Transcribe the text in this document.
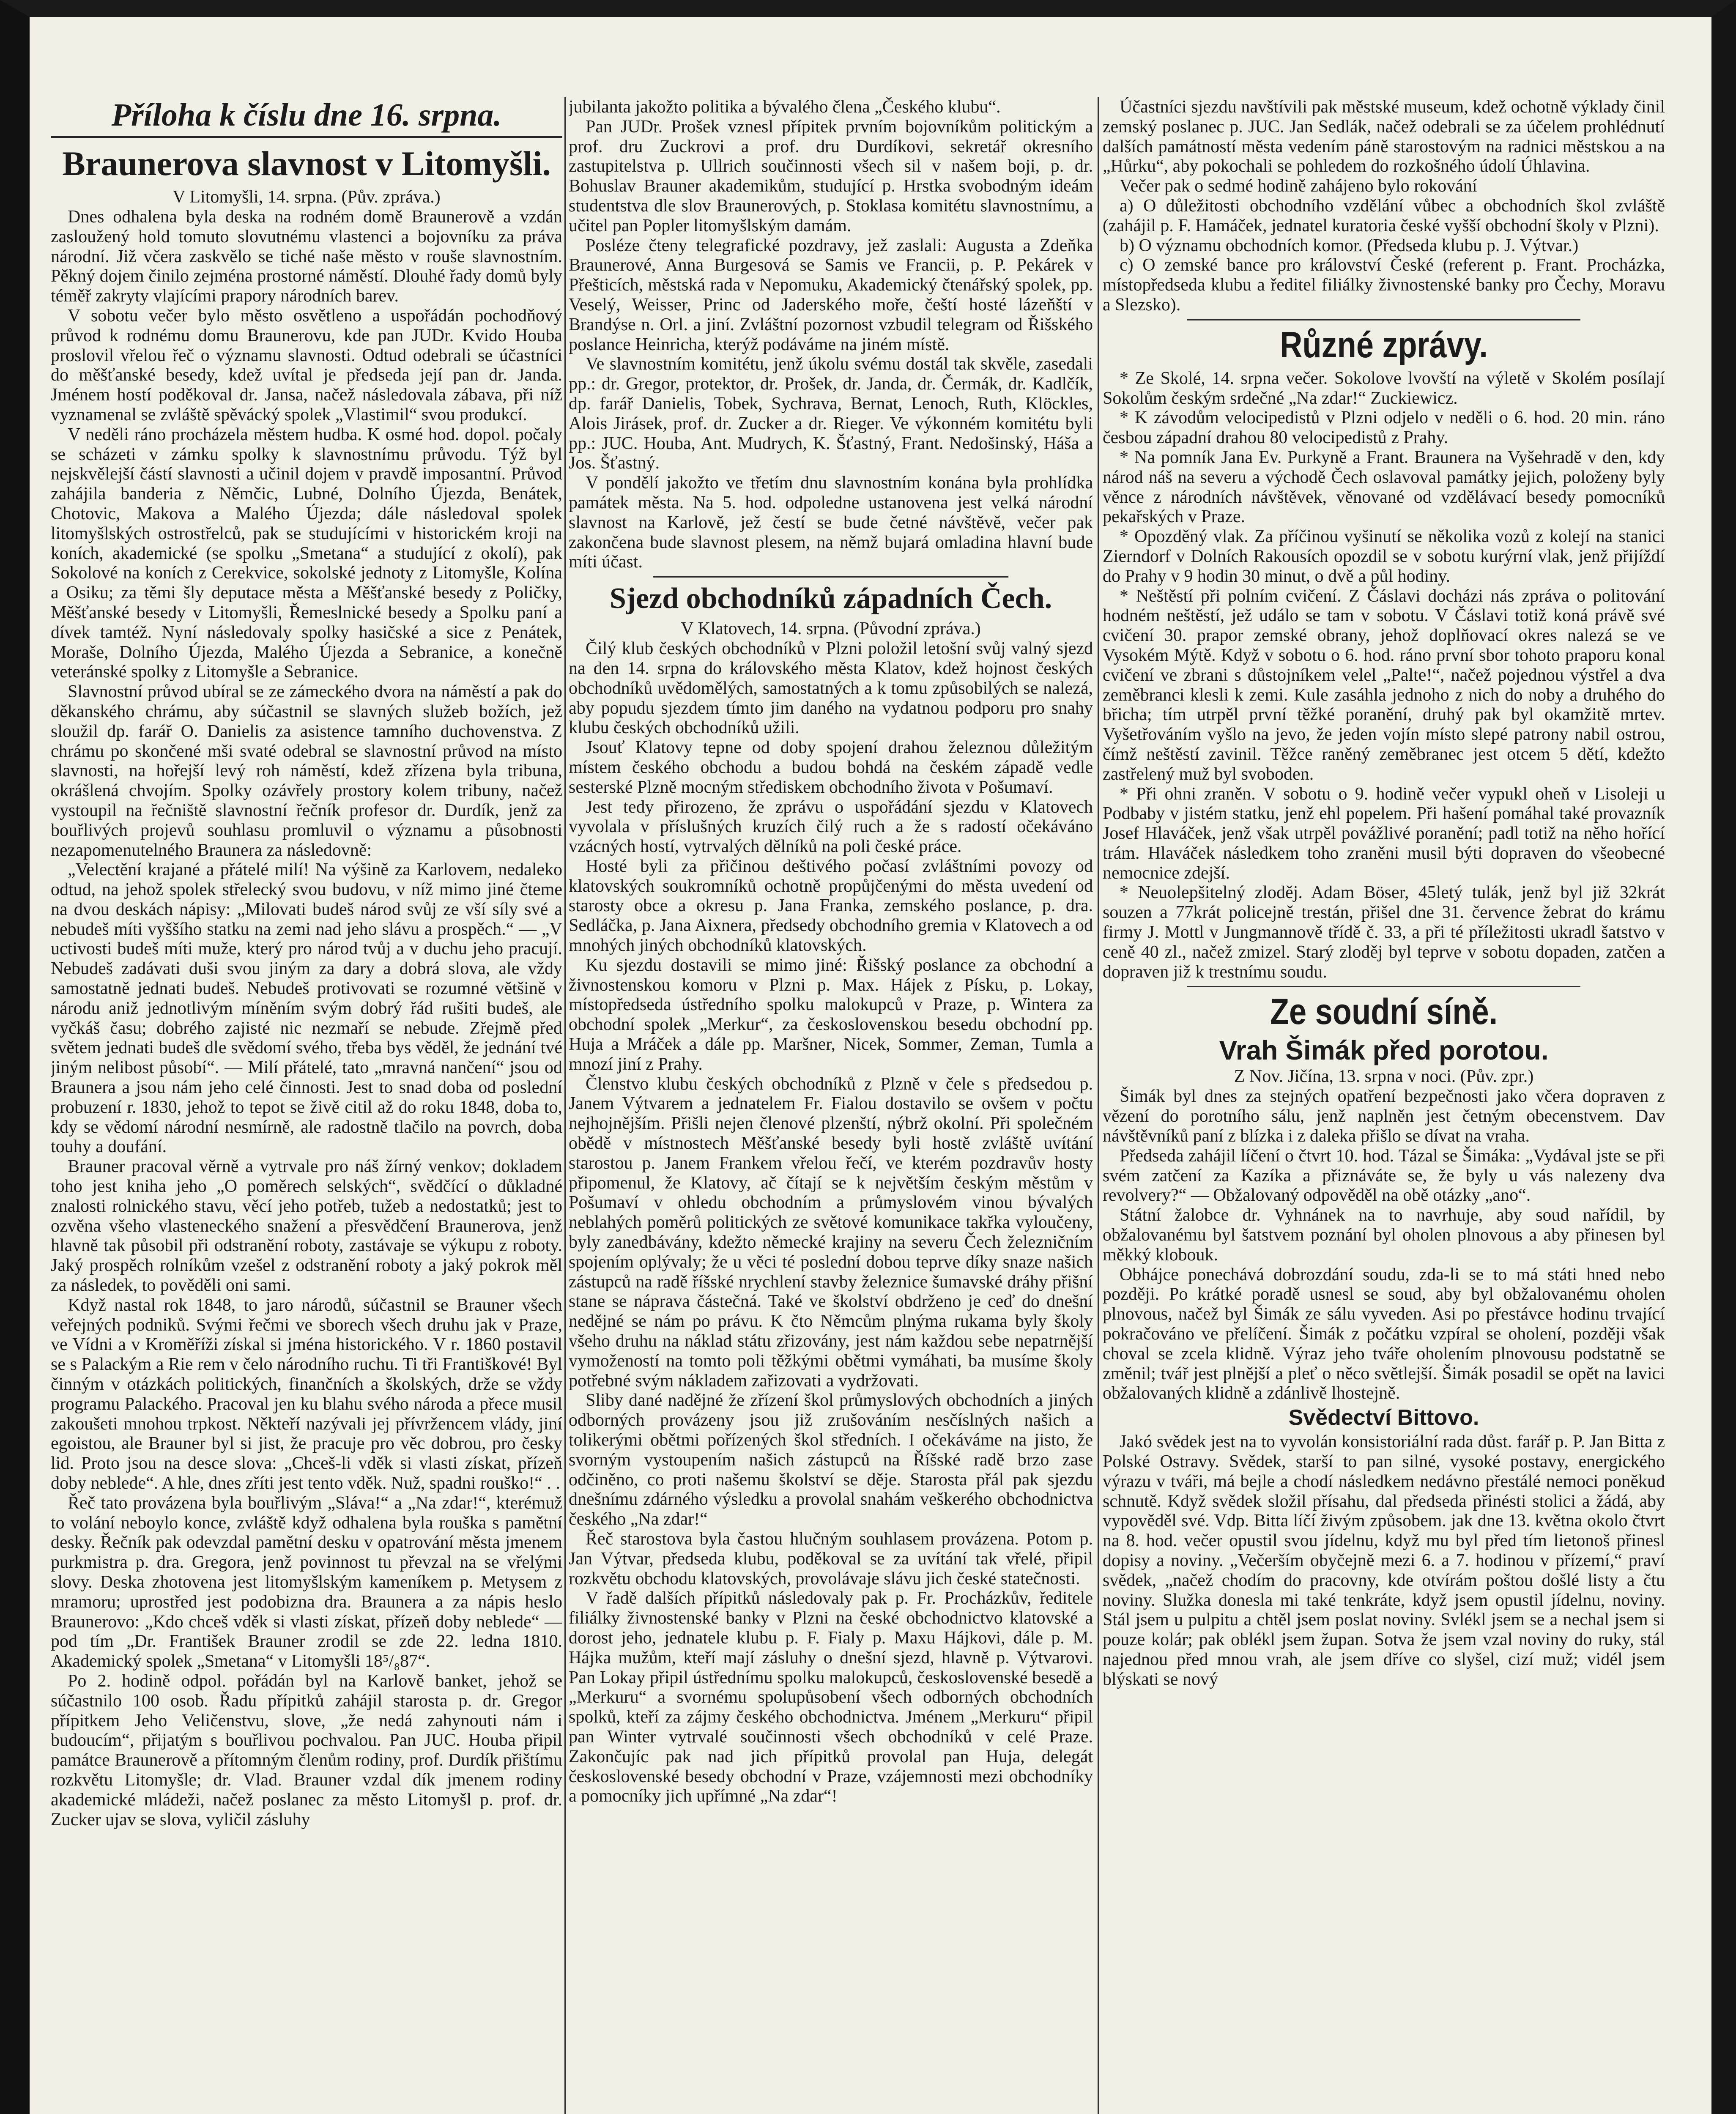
Příloha k číslu dne 16. srpna.
Braunerova slavnost v Litomyšli.

V Litomyšli, 14. srpna. (Pův. zpráva.)

Dnes odhalena byla deska na rodném domě Braunerově a vzdán zasloužený hold tomuto slovutnému vlastenci a bojovníku za práva národní. Již včera zaskvělo se tiché naše město v rouše slavnostním. Pěkný dojem činilo zejména prostorné náměstí. Dlouhé řady domů byly téměř zakryty vlajícími prapory národních barev.

V sobotu večer bylo město osvětleno a uspořádán pochodňový průvod k rodnému domu Braunerovu, kde pan JUDr. Kvido Houba proslovil vřelou řeč o významu slavnosti. Odtud odebrali se účastníci do měšťanské besedy, kdež uvítal je předseda její pan dr. Janda. Jménem hostí poděkoval dr. Jansa, načež následovala zábava, při níž vyznamenal se zvláště spěvácký spolek „Vlastimil“ svou produkcí.

V neděli ráno procházela městem hudba. K osmé hod. dopol. počaly se scházeti v zámku spolky k slavnostnímu průvodu. Týž byl nejskvělejší částí slavnosti a učinil dojem v pravdě imposantní. Průvod zahájila banderia z Němčic, Lubné, Dolního Újezda, Benátek, Chotovic, Makova a Malého Újezda; dále následoval spolek litomyšlských ostrostřelců, pak se studujícími v historickém kroji na koních, akademické (se spolku „Smetana“ a studující z okolí), pak Sokolové na koních z Cerekvice, sokolské jednoty z Litomyšle, Kolína a Osiku; za těmi šly deputace města a Měšťanské besedy z Poličky, Měšťanské besedy v Litomyšli, Řemeslnické besedy a Spolku paní a dívek tamtéž. Nyní následovaly spolky hasičské a sice z Penátek, Moraše, Dolního Újezda, Malého Újezda a Sebranice, a konečně veteránské spolky z Litomyšle a Sebranice.

Slavnostní průvod ubíral se ze zámeckého dvora na náměstí a pak do děkanského chrámu, aby súčastnil se slavných služeb božích, jež sloužil dp. farář O. Danielis za asistence tamního duchovenstva. Z chrámu po skončené mši svaté odebral se slavnostní průvod na místo slavnosti, na hořejší levý roh náměstí, kdež zřízena byla tribuna, okrášlená chvojím. Spolky ozávřely prostory kolem tribuny, načež vystoupil na řečniště slavnostní řečník profesor dr. Durdík, jenž za bouřlivých projevů souhlasu promluvil o významu a působnosti nezapomenutelného Braunera za následovně:

„Velectění krajané a přátelé milí! Na výšině za Karlovem, nedaleko odtud, na jehož spolek střelecký svou budovu, v níž mimo jiné čteme na dvou deskách nápisy: „Milovati budeš národ svůj ze vší síly své a nebudeš míti vyššího statku na zemi nad jeho slávu a prospěch.“ — „V uctivosti budeš míti muže, který pro národ tvůj a v duchu jeho pracují. Nebudeš zadávati duši svou jiným za dary a dobrá slova, ale vždy samostatně jednati budeš. Nebudeš protivovati se rozumné většině v národu aniž jednotlivým míněním svým dobrý řád rušiti budeš, ale vyčkáš času; dobrého zajisté nic nezmaří se nebude. Zřejmě před světem jednati budeš dle svědomí svého, třeba bys věděl, že jednání tvé jiným nelibost působí“. — Milí přátelé, tato „mravná nančení“ jsou od Braunera a jsou nám jeho celé činnosti. Jest to snad doba od poslední probuzení r. 1830, jehož to tepot se živě citil až do roku 1848, doba to, kdy se vědomí národní nesmírně, ale radostně tlačilo na povrch, doba touhy a doufání.

Brauner pracoval věrně a vytrvale pro náš žírný venkov; dokladem toho jest kniha jeho „O poměrech selských“, svědčící o důkladné znalosti rolnického stavu, věcí jeho potřeb, tužeb a nedostatků; jest to ozvěna všeho vlasteneckého snažení a přesvědčení Braunerova, jenž hlavně tak působil při odstranění roboty, zastávaje se výkupu z roboty. Jaký prospěch rolníkům vzešel z odstranění roboty a jaký pokrok měl za následek, to pověděli oni sami.

Když nastal rok 1848, to jaro národů, súčastnil se Brauner všech veřejných podniků. Svými řečmi ve sborech všech druhu jak v Praze, ve Vídni a v Kroměříži získal si jména historického. V r. 1860 postavil se s Palackým a Rie rem v čelo národního ruchu. Ti tři Františkové! Byl činným v otázkách politických, finančních a školských, drže se vždy programu Palackého. Pracoval jen ku blahu svého národa a přece musil zakoušeti mnohou trpkost. Někteří nazývali jej přívržencem vlády, jiní egoistou, ale Brauner byl si jist, že pracuje pro věc dobrou, pro česky lid. Proto jsou na desce slova: „Chceš-li vděk si vlasti získat, přízeň doby neblede“. A hle, dnes zříti jest tento vděk. Nuž, spadni rouško!“ . .

Řeč tato provázena byla bouřlivým „Sláva!“ a „Na zdar!“, kterémuž to volání neboylo konce, zvláště když odhalena byla rouška s pamětní desky. Řečník pak odevzdal pamětní desku v opatrování města jmenem purkmistra p. dra. Gregora, jenž povinnost tu převzal na se vřelými slovy. Deska zhotovena jest litomyšlským kameníkem p. Metysem z mramoru; uprostřed jest podobizna dra. Braunera a za nápis heslo Braunerovo: „Kdo chceš vděk si vlasti získat, přízeň doby neblede“ — pod tím „Dr. František Brauner zrodil se zde 22. ledna 1810. Akademický spolek „Smetana“ v Litomyšli 18⁵/₈87“.

Po 2. hodině odpol. pořádán byl na Karlově banket, jehož se súčastnilo 100 osob. Řadu přípitků zahájil starosta p. dr. Gregor přípitkem Jeho Veličenstvu, slove, „že nedá zahynouti nám i budoucím“, přijatým s bouřlivou pochvalou. Pan JUC. Houba připil památce Braunerově a přítomným členům rodiny, prof. Durdík přištímu rozkvětu Litomyšle; dr. Vlad. Brauner vzdal dík jmenem rodiny akademické mládeži, načež poslanec za město Litomyšl p. prof. dr. Zucker ujav se slova, vyličil zásluhy

jubilanta jakožto politika a bývalého člena „Českého klubu“.

Pan JUDr. Prošek vznesl přípitek prvním bojovníkům politickým a prof. dru Zuckrovi a prof. dru Durdíkovi, sekretář okresního zastupitelstva p. Ullrich součinnosti všech sil v našem boji, p. dr. Bohuslav Brauner akademikům, studující p. Hrstka svobodným ideám studentstva dle slov Braunerových, p. Stoklasa komitétu slavnostnímu, a učitel pan Popler litomyšlským damám.

Posléze čteny telegrafické pozdravy, jež zaslali: Augusta a Zdeňka Braunerové, Anna Burgesová se Samis ve Francii, p. P. Pekárek v Přešticích, městská rada v Nepomuku, Akademický čtenářský spolek, pp. Veselý, Weisser, Princ od Jaderského moře, čeští hosté lázeňští v Brandýse n. Orl. a jiní. Zvláštní pozornost vzbudil telegram od Řišského poslance Heinricha, kterýž podáváme na jiném místě.

Ve slavnostním komitétu, jenž úkolu svému dostál tak skvěle, zasedali pp.: dr. Gregor, protektor, dr. Prošek, dr. Janda, dr. Čermák, dr. Kadlčík, dp. farář Danielis, Tobek, Sychrava, Bernat, Lenoch, Ruth, Klöckles, Alois Jirásek, prof. dr. Zucker a dr. Rieger. Ve výkonném komitétu byli pp.: JUC. Houba, Ant. Mudrych, K. Šťastný, Frant. Nedošinský, Háša a Jos. Šťastný.

V pondělí jakožto ve třetím dnu slavnostním konána byla prohlídka památek města. Na 5. hod. odpoledne ustanovena jest velká národní slavnost na Karlově, jež čestí se bude četné návštěvě, večer pak zakončena bude slavnost plesem, na němž bujará omladina hlavní bude míti účast.

Sjezd obchodníků západních Čech.

V Klatovech, 14. srpna. (Původní zpráva.)

Čilý klub českých obchodníků v Plzni položil letošní svůj valný sjezd na den 14. srpna do královského města Klatov, kdež hojnost českých obchodníků uvědomělých, samostatných a k tomu způsobilých se nalezá, aby popudu sjezdem tímto jim daného na vydatnou podporu pro snahy klubu českých obchodníků užili.

Jsouť Klatovy tepne od doby spojení drahou železnou důležitým místem českého obchodu a budou bohdá na českém západě vedle sesterské Plzně mocným střediskem obchodního života v Pošumaví.

Jest tedy přirozeno, že zprávu o uspořádání sjezdu v Klatovech vyvolala v příslušných kruzích čilý ruch a že s radostí očekáváno vzácných hostí, vytrvalých dělníků na poli české práce.

Hosté byli za přičinou deštivého počasí zvláštními povozy od klatovských soukromníků ochotně propůjčenými do města uvedení od starosty obce a okresu p. Jana Franka, zemského poslance, p. dra. Sedláčka, p. Jana Aixnera, předsedy obchodního gremia v Klatovech a od mnohých jiných obchodníků klatovských.

Ku sjezdu dostavili se mimo jiné: Řišský poslance za obchodní a živnostenskou komoru v Plzni p. Max. Hájek z Písku, p. Lokay, místopředseda ústředního spolku malokupců v Praze, p. Wintera za obchodní spolek „Merkur“, za československou besedu obchodní pp. Huja a Mráček a dále pp. Maršner, Nicek, Sommer, Zeman, Tumla a mnozí jiní z Prahy.

Členstvo klubu českých obchodníků z Plzně v čele s předsedou p. Janem Výtvarem a jednatelem Fr. Fialou dostavilo se ovšem v počtu nejhojnějším. Přišli nejen členové plzenští, nýbrž okolní. Při společném obědě v místnostech Měšťanské besedy byli hostě zvláště uvítání starostou p. Janem Frankem vřelou řečí, ve kterém pozdravův hosty připomenul, že Klatovy, ač čítají se k největším českým městům v Pošumaví v ohledu obchodním a průmyslovém vinou bývalých neblahých poměrů politických ze světové komunikace takřka vyloučeny, byly zanedbávány, kdežto německé krajiny na severu Čech železničním spojením oplývaly; že u věci té poslední dobou teprve díky snaze našich zástupců na radě říšské nrychlení stavby železnice šumavské dráhy přišní stane se náprava částečná. Také ve školství obdrženo je ceď do dnešní nedějné se nám po právu. K čto Němcům plnýma rukama byly školy všeho druhu na náklad státu zřizovány, jest nám každou sebe nepatrnější vymožeností na tomto poli těžkými obětmi vymáhati, ba musíme školy potřebné svým nákladem zařizovati a vydržovati.

Sliby dané nadějné že zřízení škol průmyslových obchodních a jiných odborných provázeny jsou již zrušováním nesčíslných našich a tolikerými obětmi pořízených škol středních. I očekáváme na jisto, že svorným vystoupením našich zástupců na Říšské radě brzo zase odčiněno, co proti našemu školství se děje. Starosta přál pak sjezdu dnešnímu zdárného výsledku a provolal snahám veškerého obchodnictva českého „Na zdar!“

Řeč starostova byla častou hlučným souhlasem provázena. Potom p. Jan Výtvar, předseda klubu, poděkoval se za uvítání tak vřelé, připil rozkvětu obchodu klatovských, provolávaje slávu jich české statečnosti.

V řadě dalších přípitků následovaly pak p. Fr. Procházkův, ředitele filiálky živnostenské banky v Plzni na české obchodnictvo klatovské a dorost jeho, jednatele klubu p. F. Fialy p. Maxu Hájkovi, dále p. M. Hájka mužům, kteří mají zásluhy o dnešní sjezd, hlavně p. Výtvarovi. Pan Lokay připil ústřednímu spolku malokupců, československé besedě a „Merkuru“ a svornému spolupůsobení všech odborných obchodních spolků, kteří za zájmy českého obchodnictva. Jménem „Merkuru“ připil pan Winter vytrvalé součinnosti všech obchodníků v celé Praze. Zakončujíc pak nad jich přípitků provolal pan Huja, delegát československé besedy obchodní v Praze, vzájemnosti mezi obchodníky a pomocníky jich upřímné „Na zdar“!

Účastníci sjezdu navštívili pak městské museum, kdež ochotně výklady činil zemský poslanec p. JUC. Jan Sedlák, načež odebrali se za účelem prohlédnutí dalších památností města vedením páně starostovým na radnici městskou a na „Hůrku“, aby pokochali se pohledem do rozkošného údolí Úhlavina.

Večer pak o sedmé hodině zahájeno bylo rokování

a) O důležitosti obchodního vzdělání vůbec a obchodních škol zvláště (zahájil p. F. Hamáček, jednatel kuratoria české vyšší obchodní školy v Plzni).

b) O významu obchodních komor. (Předseda klubu p. J. Výtvar.)

c) O zemské bance pro království České (referent p. Frant. Procházka, místopředseda klubu a ředitel filiálky živnostenské banky pro Čechy, Moravu a Slezsko).

Různé zprávy.

* Ze Skolé, 14. srpna večer. Sokolove lvovští na výletě v Skolém posílají Sokolům českým srdečné „Na zdar!“ Zuckiewicz.

* K závodům velocipedistů v Plzni odjelo v neděli o 6. hod. 20 min. ráno česbou západní drahou 80 velocipedistů z Prahy.

* Na pomník Jana Ev. Purkyně a Frant. Braunera na Vyšehradě v den, kdy národ náš na severu a východě Čech oslavoval památky jejich, položeny byly věnce z národních návštěvek, věnované od vzdělávací besedy pomocníků pekařských v Praze.

* Opozděný vlak. Za příčinou vyšinutí se několika vozů z kolejí na stanici Zierndorf v Dolních Rakousích opozdil se v sobotu kurýrní vlak, jenž přijíždí do Prahy v 9 hodin 30 minut, o dvě a půl hodiny.

* Neštěstí při polním cvičení. Z Čáslavi docházi nás zpráva o politování hodném neštěstí, jež událo se tam v sobotu. V Čáslavi totiž koná právě své cvičení 30. prapor zemské obrany, jehož doplňovací okres nalezá se ve Vysokém Mýtě. Když v sobotu o 6. hod. ráno první sbor tohoto praporu konal cvičení ve zbrani s důstojníkem velel „Palte!“, načež pojednou výstřel a dva zeměbranci klesli k zemi. Kule zasáhla jednoho z nich do noby a druhého do břicha; tím utrpěl první těžké poranění, druhý pak byl okamžitě mrtev. Vyšetřováním vyšlo na jevo, že jeden vojín místo slepé patrony nabil ostrou, čímž neštěstí zavinil. Těžce raněný zeměbranec jest otcem 5 dětí, kdežto zastřelený muž byl svoboden.

* Při ohni zraněn. V sobotu o 9. hodině večer vypukl oheň v Lisoleji u Podbaby v jistém statku, jenž ehl popelem. Při hašení pomáhal také provazník Josef Hlaváček, jenž však utrpěl povážlivé poranění; padl totiž na něho hořící trám. Hlaváček následkem toho zraněni musil býti dopraven do všeobecné nemocnice zdejší.

* Neuolepšitelný zloděj. Adam Böser, 45letý tulák, jenž byl již 32krát souzen a 77krát policejně trestán, přišel dne 31. července žebrat do krámu firmy J. Mottl v Jungmannově třídě č. 33, a při té příležitosti ukradl šatstvo v ceně 40 zl., načež zmizel. Starý zloděj byl teprve v sobotu dopaden, zatčen a dopraven již k trestnímu soudu.

Ze soudní síně.
Vrah Šimák před porotou.

Z Nov. Jičína, 13. srpna v noci. (Pův. zpr.)

Šimák byl dnes za stejných opatření bezpečnosti jako včera dopraven z vězení do porotního sálu, jenž naplněn jest četným obecenstvem. Dav návštěvníků paní z blízka i z daleka přišlo se dívat na vraha.

Předseda zahájil líčení o čtvrt 10. hod. Tázal se Šimáka: „Vydával jste se při svém zatčení za Kazíka a přiznáváte se, že byly u vás nalezeny dva revolvery?“ — Obžalovaný odpověděl na obě otázky „ano“.

Státní žalobce dr. Vyhnánek na to navrhuje, aby soud nařídil, by obžalovanému byl šatstvem poznání byl oholen plnovous a aby přinesen byl měkký klobouk.

Obhájce ponechává dobrozdání soudu, zda-li se to má státi hned nebo později. Po krátké poradě usnesl se soud, aby byl obžalovanému oholen plnovous, načež byl Šimák ze sálu vyveden. Asi po přestávce hodinu trvající pokračováno ve přelíčení. Šimák z počátku vzpíral se oholení, později však choval se zcela klidně. Výraz jeho tváře oholením plnovousu podstatně se změnil; tvář jest plnější a pleť o něco světlejší. Šimák posadil se opět na lavici obžalovaných klidně a zdánlivě lhostejně.

Svědectví Bittovo.

Jakó svědek jest na to vyvolán konsistoriální rada důst. farář p. P. Jan Bitta z Polské Ostravy. Svědek, starší to pan silné, vysoké postavy, energického výrazu v tváři, má bejle a chodí následkem nedávno přestálé nemoci poněkud schnutě. Když svědek složil přísahu, dal předseda přinésti stolici a žádá, aby vypověděl své. Vdp. Bitta líčí živým způsobem. jak dne 13. května okolo čtvrt na 8. hod. večer opustil svou jídelnu, když mu byl před tím lietonoš přinesl dopisy a noviny. „Večerším obyčejně mezi 6. a 7. hodinou v přízemí,“ praví svědek, „načež chodím do pracovny, kde otvírám poštou došlé listy a čtu noviny. Služka donesla mi také tenkráte, když jsem opustil jídelnu, noviny. Stál jsem u pulpitu a chtěl jsem poslat noviny. Svlékl jsem se a nechal jsem si pouze kolár; pak oblékl jsem župan. Sotva že jsem vzal noviny do ruky, stál najednou před mnou vrah, ale jsem dříve co slyšel, cizí muž; vidél jsem blýskati se nový
